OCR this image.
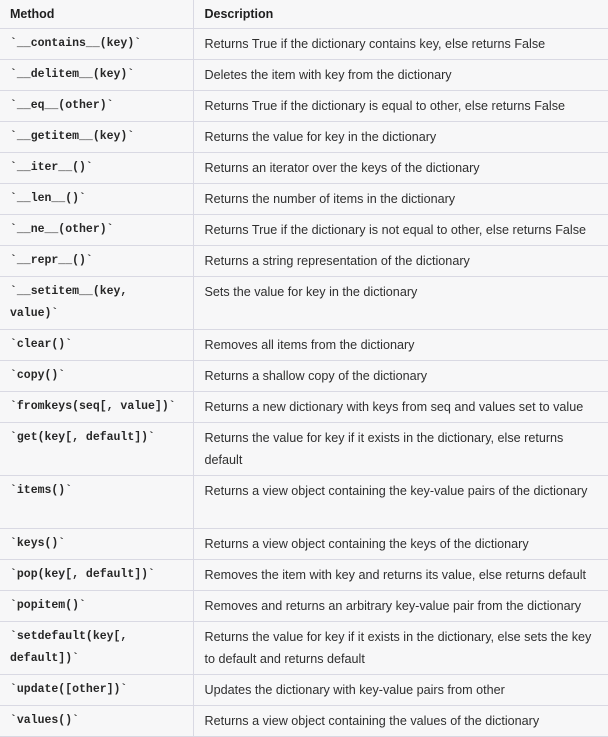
Method	Description
`__contains__(key)`	Returns True if the dictionary contains key, else returns False
`__delitem__(key)`	Deletes the item with key from the dictionary
`__eq__(other)`	Returns True if the dictionary is equal to other, else returns False
`__getitem__(key)`	Returns the value for key in the dictionary
`__iter__()`	Returns an iterator over the keys of the dictionary
`__len__()`	Returns the number of items in the dictionary
`__ne__(other)`	Returns True if the dictionary is not equal to other, else returns False
`__repr__()`	Returns a string representation of the dictionary
`__setitem__(key, value)`	Sets the value for key in the dictionary
`clear()`	Removes all items from the dictionary
`copy()`	Returns a shallow copy of the dictionary
`fromkeys(seq[, value])`	Returns a new dictionary with keys from seq and values set to value
`get(key[, default])`	Returns the value for key if it exists in the dictionary, else returns default
`items()`	Returns a view object containing the key-value pairs of the dictionary
`keys()`	Returns a view object containing the keys of the dictionary
`pop(key[, default])`	Removes the item with key and returns its value, else returns default
`popitem()`	Removes and returns an arbitrary key-value pair from the dictionary
`setdefault(key[, default])`	Returns the value for key if it exists in the dictionary, else sets the key to default and returns default
`update([other])`	Updates the dictionary with key-value pairs from other
`values()`	Returns a view object containing the values of the dictionary
